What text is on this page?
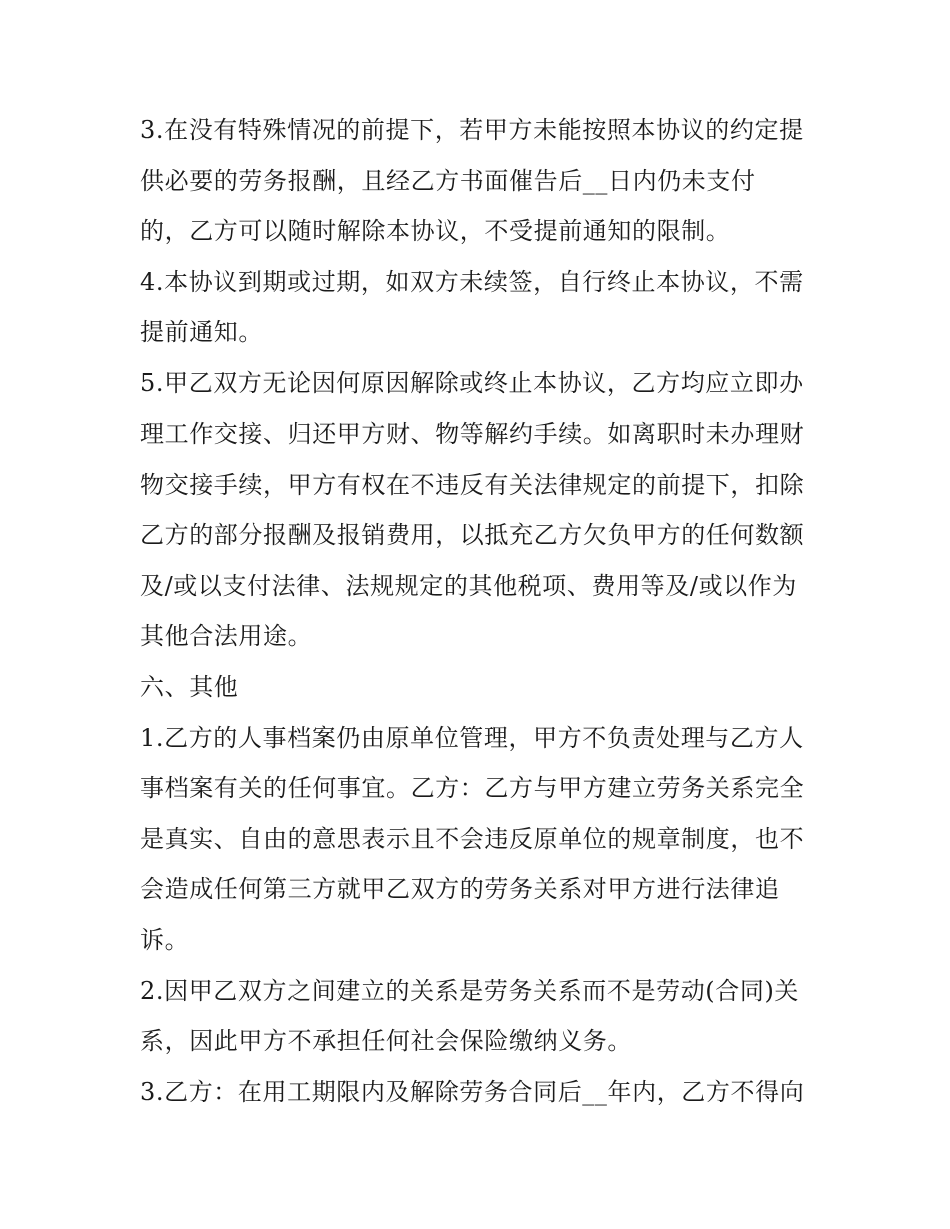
3.在没有特殊情况的前提下，若甲方未能按照本协议的约定提

供必要的劳务报酬，且经乙方书面催告后__日内仍未支付

的，乙方可以随时解除本协议，不受提前通知的限制。

4.本协议到期或过期，如双方未续签，自行终止本协议，不需

提前通知。

5.甲乙双方无论因何原因解除或终止本协议，乙方均应立即办

理工作交接、归还甲方财、物等解约手续。如离职时未办理财

物交接手续，甲方有权在不违反有关法律规定的前提下，扣除

乙方的部分报酬及报销费用，以抵充乙方欠负甲方的任何数额

及/或以支付法律、法规规定的其他税项、费用等及/或以作为

其他合法用途。

六、其他

1.乙方的人事档案仍由原单位管理，甲方不负责处理与乙方人

事档案有关的任何事宜。乙方：乙方与甲方建立劳务关系完全

是真实、自由的意思表示且不会违反原单位的规章制度，也不

会造成任何第三方就甲乙双方的劳务关系对甲方进行法律追

诉。

2.因甲乙双方之间建立的关系是劳务关系而不是劳动(合同)关

系，因此甲方不承担任何社会保险缴纳义务。

3.乙方：在用工期限内及解除劳务合同后__年内，乙方不得向
